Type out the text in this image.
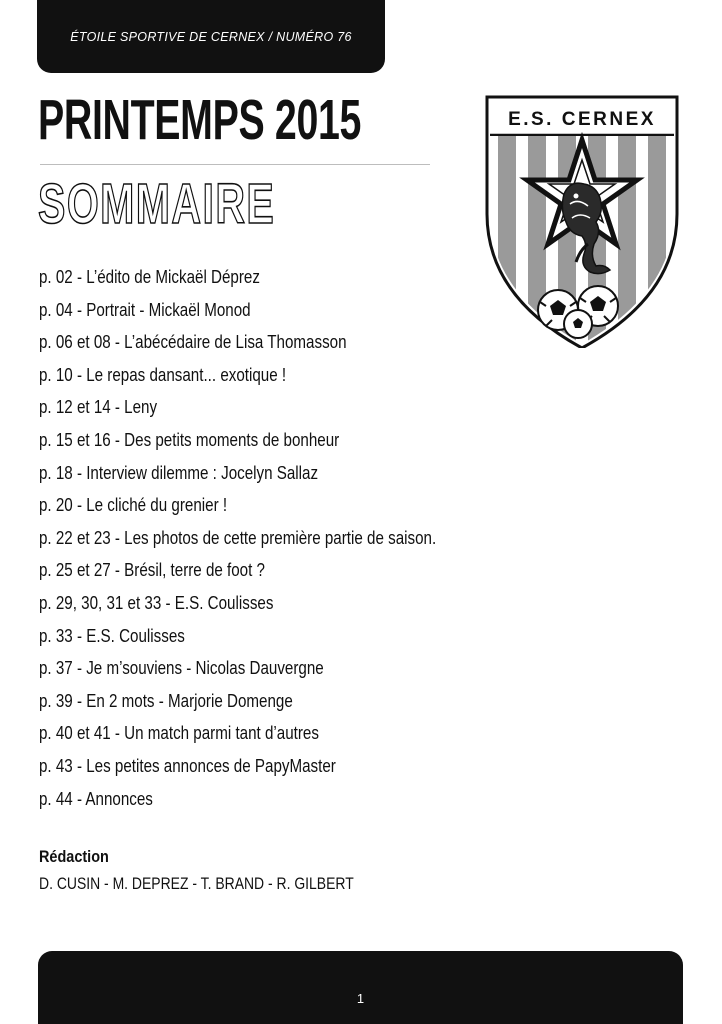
ÉTOILE SPORTIVE DE CERNEX / NUMÉRO 76
PRINTEMPS 2015
SOMMAIRE
E.S. CERNEX
p. 02 - L’édito de Mickaël Déprez
p. 04 - Portrait - Mickaël Monod
p. 06 et 08 - L’abécédaire de Lisa Thomasson
p. 10 - Le repas dansant... exotique !
p. 12 et 14 - Leny
p. 15 et 16 - Des petits moments de bonheur
p. 18 - Interview dilemme : Jocelyn Sallaz
p. 20 - Le cliché du grenier !
p. 22 et 23 - Les photos de cette première partie de saison.
p. 25 et 27 - Brésil, terre de foot ?
p. 29, 30, 31 et 33 - E.S. Coulisses
p. 33 - E.S. Coulisses
p. 37 - Je m’souviens - Nicolas Dauvergne
p. 39 - En 2 mots - Marjorie Domenge
p. 40 et 41 - Un match parmi tant d’autres
p. 43 - Les petites annonces de PapyMaster
p. 44 - Annonces
Rédaction
D. CUSIN - M. DEPREZ - T. BRAND - R. GILBERT
1
